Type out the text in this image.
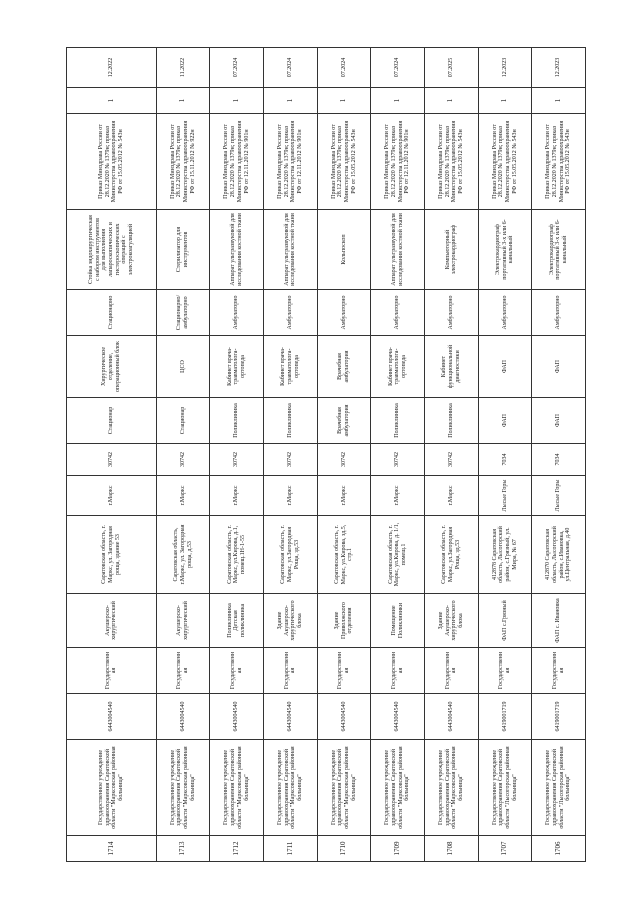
1714	Государственное учреждение здравоохранения Саратовской области "Марксовская районная больница"	6443004540	Государственная	Акушерско-хирургический	Саратовская область, г. Маркс, ул. Загородная роща, здание 53	г.Маркс	30742	Стационар	Хирургическое отделение, операционный блок	Стационарно	Стойка эндохирургическая с набором инструментов для выполнения лапароскопических и гистероскопических операций с электрокоагуляцией	Приказ Минздрава России от 28.12.2020 № 1379н; приказ Министерства здравоохранения РФ от 15.05.2012 № 543н	1	12.2022
1713	Государственное учреждение здравоохранения Саратовской области "Марксовская районная больница"	6443004540	Государственная	Акушерско-хирургический	Саратовская область, г.Маркс, ул. Загородная роща, д.53	г.Маркс	30742	Стационар	ЦСО	Стационарно/амбулаторно	Стерилизатор для инструментов	Приказ Минздрава России от 28.12.2020 № 1379н; приказ Министерства здравоохранения РФ от 15.11.2012 № 922н	1	11.2022
1712	Государственное учреждение здравоохранения Саратовской области "Марксовская районная больница"	6443004540	Государственная	Поликлиника Детская поликлиника	Саратовская область, г. Маркс, ул.Кирова, д.1, помещ.1Н-1-55	г.Маркс	30742	Поликлиника	Кабинет врача-травматолога-ортопеда	Амбулаторно	Аппарат ультразвуковой для исследования костной ткани	Приказ Минздрава России от 28.12.2020 № 1379н; приказ Министерства здравоохранения РФ от 12.11.2012 № 901н	1	07.2024
1711	Государственное учреждение здравоохранения Саратовской области "Марксовская районная больница"	6443004540	Государственная	Здание Акушерско-хирургического блока	Саратовская область, г. Маркс, ул.Загородная Роща, зд.53	г.Маркс	30742	Поликлиника	Кабинет врача-травматолога-ортопеда	Амбулаторно	Аппарат ультразвуковой для исследования костной ткани	Приказ Минздрава России от 28.12.2020 № 1379н; приказ Министерства здравоохранения РФ от 12.11.2012 № 901н	1	07.2024
1710	Государственное учреждение здравоохранения Саратовской области "Марксовская районная больница"	6443004540	Государственная	Здание Приволжского отделения	Саратовская область, г. Маркс, ул.Кирова, зд.5, стр.1	г.Маркс	30742	Врачебная амбулатория	Врачебная амбулатория	Амбулаторно	Кольпоскоп	Приказ Минздрава России от 28.12.2020 № 1379н; приказ Министерства здравоохранения РФ от 15.05.2012 № 543н	1	07.2024
1709	Государственное учреждение здравоохранения Саратовской области "Марксовская районная больница"	6443004540	Государственная	Помещение Поликлиники	Саратовская область, г. Маркс, ул.Кирова, д. 1/1, помещ.1	г.Маркс	30742	Поликлиника	Кабинет врача-травматолога-ортопеда	Амбулаторно	Аппарат ультразвуковой для исследования костной ткани	Приказ Минздрава России от 28.12.2020 № 1379н; приказ Министерства здравоохранения РФ от 12.11.2012 № 901н	1	07.2024
1708	Государственное учреждение здравоохранения Саратовской области "Марксовская районная больница"	6443004540	Государственная	Здание Акушерско-хирургического блока	Саратовская область, г. Маркс, ул.Загородная Роща, зд.53	г.Маркс	30742	Поликлиника	Кабинет функциональной диагностики	Амбулаторно	Компьютерный электрокардиограф	Приказ Минздрава России от 28.12.2020 № 1379н; приказ Министерства здравоохранения РФ от 15.05.2012 № 543н	1	07.2025
1707	Государственное учреждение здравоохранения Саратовской области "Лысогорская районная больница"	6419001719	Государственная	ФАП с.Грязный	412878 Саратовская область, Лысогорский район, с.Грязный, ул. Мира, № 67	Лысые Горы	7034	ФАП	ФАП	Амбулаторно	Электрокардиограф портативный 3-х или 6-канальный	Приказ Минздрава России от 28.12.2020 № 1379н; приказ Министерства здравоохранения РФ от 15.05.2012 № 543н	1	12.2023
1706	Государственное учреждение здравоохранения Саратовской области "Лысогорская районная больница"	6419001719	Государственная	ФАП с. Ивановка	412870 Саратовская область, Лысогорский район, с.Ивановка, ул.Центральная, д.40	Лысые Горы	7034	ФАП	ФАП	Амбулаторно	Электрокардиограф портативный 3-х или 6-канальный	Приказ Минздрава России от 28.12.2020 № 1379н; приказ Министерства здравоохранения РФ от 15.05.2012 № 543н	1	12.2023
